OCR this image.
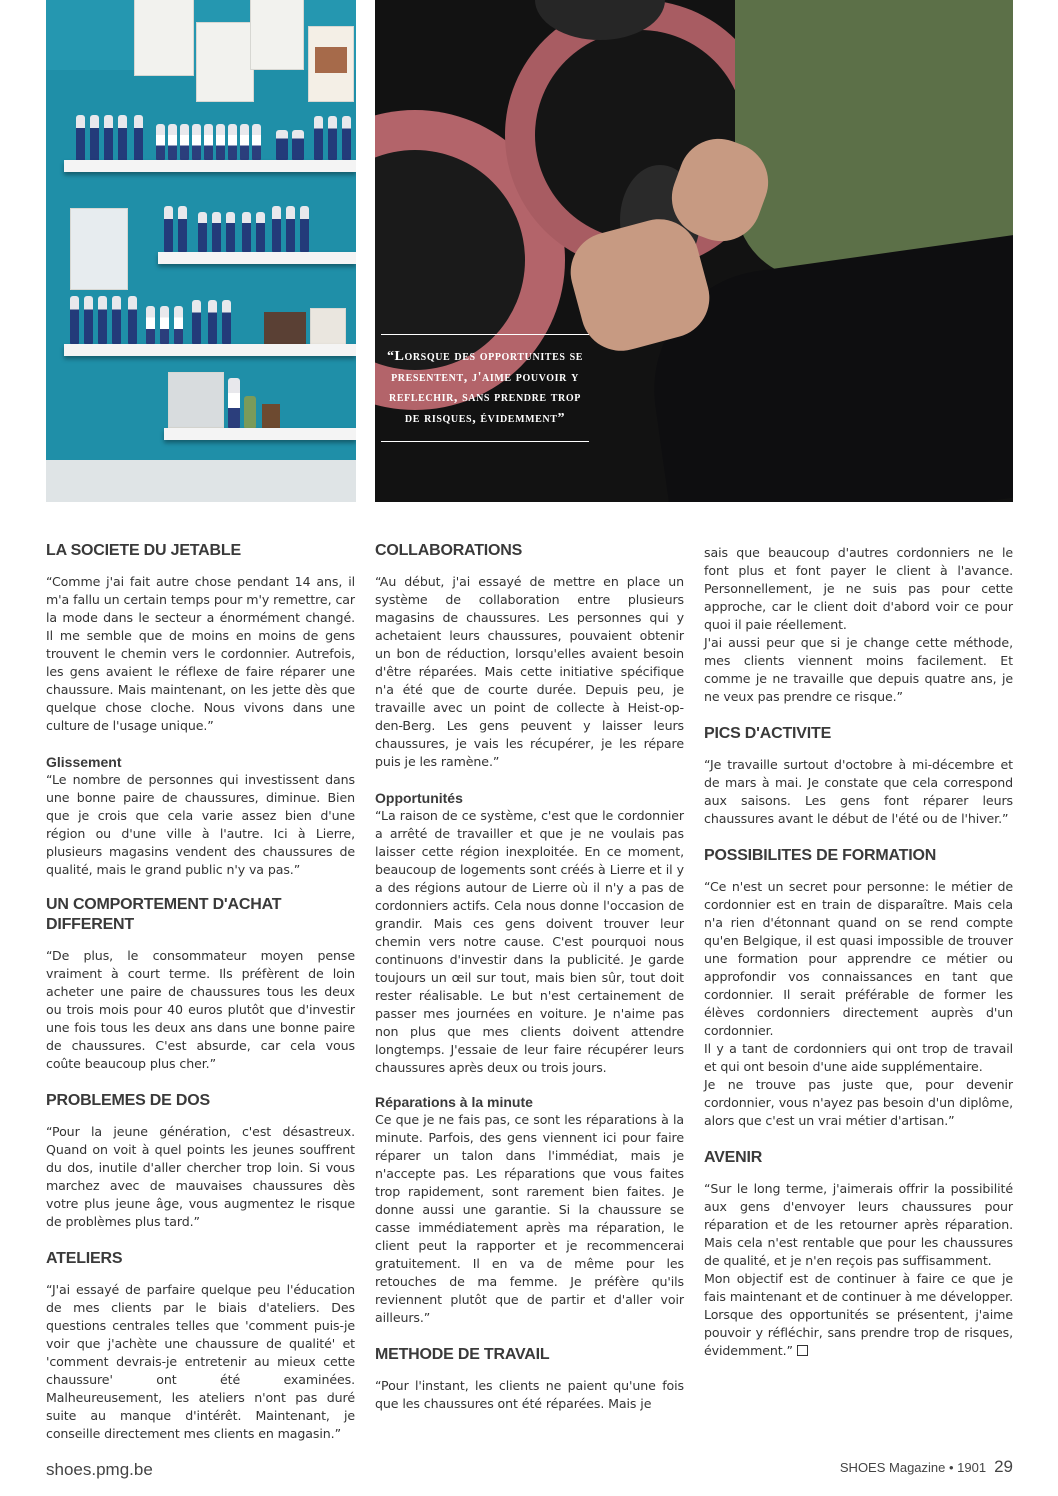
“Lorsque des opportunites se presentent, j'aime pouvoir y reflechir, sans prendre trop de risques, évidemment”
LA SOCIETE DU JETABLE

“Comme j'ai fait autre chose pendant 14 ans, il m'a fallu un certain temps pour m'y remettre, car la mode dans le secteur a énormément changé. Il me semble que de moins en moins de gens trouvent le chemin vers le cordonnier. Autrefois, les gens avaient le réflexe de faire réparer une chaussure. Mais maintenant, on les jette dès que quelque chose cloche. Nous vivons dans une culture de l'usage unique.”

Glissement

“Le nombre de personnes qui investissent dans une bonne paire de chaussures, diminue. Bien que je crois que cela varie assez bien d'une région ou d'une ville à l'autre. Ici à Lierre, plusieurs magasins vendent des chaussures de qualité, mais le grand public n'y va pas.”

UN COMPORTEMENT D'ACHAT DIFFERENT

“De plus, le consommateur moyen pense vraiment à court terme. Ils préfèrent de loin acheter une paire de chaussures tous les deux ou trois mois pour 40 euros plutôt que d'investir une fois tous les deux ans dans une bonne paire de chaussures. C'est absurde, car cela vous coûte beaucoup plus cher.”

PROBLEMES DE DOS

“Pour la jeune génération, c'est désastreux. Quand on voit à quel points les jeunes souffrent du dos, inutile d'aller chercher trop loin. Si vous marchez avec de mauvaises chaussures dès votre plus jeune âge, vous augmentez le risque de problèmes plus tard.”

ATELIERS

“J'ai essayé de parfaire quelque peu l'éducation de mes clients par le biais d'ateliers. Des questions centrales telles que 'comment puis-je voir que j'achète une chaussure de qualité' et 'comment devrais-je entretenir au mieux cette chaussure' ont été examinées. Malheureusement, les ateliers n'ont pas duré suite au manque d'intérêt. Maintenant, je conseille directement mes clients en magasin.”

COLLABORATIONS

“Au début, j'ai essayé de mettre en place un système de collaboration entre plusieurs magasins de chaussures. Les personnes qui y achetaient leurs chaussures, pouvaient obtenir un bon de réduction, lorsqu'elles avaient besoin d'être réparées. Mais cette initiative spécifique n'a été que de courte durée. Depuis peu, je travaille avec un point de collecte à Heist-op-den-Berg. Les gens peuvent y laisser leurs chaussures, je vais les récupérer, je les répare puis je les ramène.”

Opportunités

“La raison de ce système, c'est que le cordonnier a arrêté de travailler et que je ne voulais pas laisser cette région inexploitée. En ce moment, beaucoup de logements sont créés à Lierre et il y a des régions autour de Lierre où il n'y a pas de cordonniers actifs. Cela nous donne l'occasion de grandir. Mais ces gens doivent trouver leur chemin vers notre cause. C'est pourquoi nous continuons d'investir dans la publicité. Je garde toujours un œil sur tout, mais bien sûr, tout doit rester réalisable. Le but n'est certainement de passer mes journées en voiture. Je n'aime pas non plus que mes clients doivent attendre longtemps. J'essaie de leur faire récupérer leurs chaussures après deux ou trois jours.

Réparations à la minute

Ce que je ne fais pas, ce sont les réparations à la minute. Parfois, des gens viennent ici pour faire réparer un talon dans l'immédiat, mais je n'accepte pas. Les réparations que vous faites trop rapidement, sont rarement bien faites. Je donne aussi une garantie. Si la chaussure se casse immédiatement après ma réparation, le client peut la rapporter et je recommencerai gratuitement. Il en va de même pour les retouches de ma femme. Je préfère qu'ils reviennent plutôt que de partir et d'aller voir ailleurs.”

METHODE DE TRAVAIL

“Pour l'instant, les clients ne paient qu'une fois que les chaussures ont été réparées. Mais je

sais que beaucoup d'autres cordonniers ne le font plus et font payer le client à l'avance. Personnellement, je ne suis pas pour cette approche, car le client doit d'abord voir ce pour quoi il paie réellement.

J'ai aussi peur que si je change cette méthode, mes clients viennent moins facilement. Et comme je ne travaille que depuis quatre ans, je ne veux pas prendre ce risque.”

PICS D'ACTIVITE

“Je travaille surtout d'octobre à mi-décembre et de mars à mai. Je constate que cela correspond aux saisons. Les gens font réparer leurs chaussures avant le début de l'été ou de l'hiver.”

POSSIBILITES DE FORMATION

“Ce n'est un secret pour personne: le métier de cordonnier est en train de disparaître. Mais cela n'a rien d'étonnant quand on se rend compte qu'en Belgique, il est quasi impossible de trouver une formation pour apprendre ce métier ou approfondir vos connaissances en tant que cordonnier. Il serait préférable de former les élèves cordonniers directement auprès d'un cordonnier.

Il y a tant de cordonniers qui ont trop de travail et qui ont besoin d'une aide supplémentaire.

Je ne trouve pas juste que, pour devenir cordonnier, vous n'ayez pas besoin d'un diplôme, alors que c'est un vrai métier d'artisan.”

AVENIR

“Sur le long terme, j'aimerais offrir la possibilité aux gens d'envoyer leurs chaussures pour réparation et de les retourner après réparation. Mais cela n'est rentable que pour les chaussures de qualité, et je n'en reçois pas suffisamment.

Mon objectif est de continuer à faire ce que je fais maintenant et de continuer à me développer. Lorsque des opportunités se présentent, j'aime pouvoir y réfléchir, sans prendre trop de risques, évidemment.”

shoes.pmg.be	SHOES Magazine • 1901 29
